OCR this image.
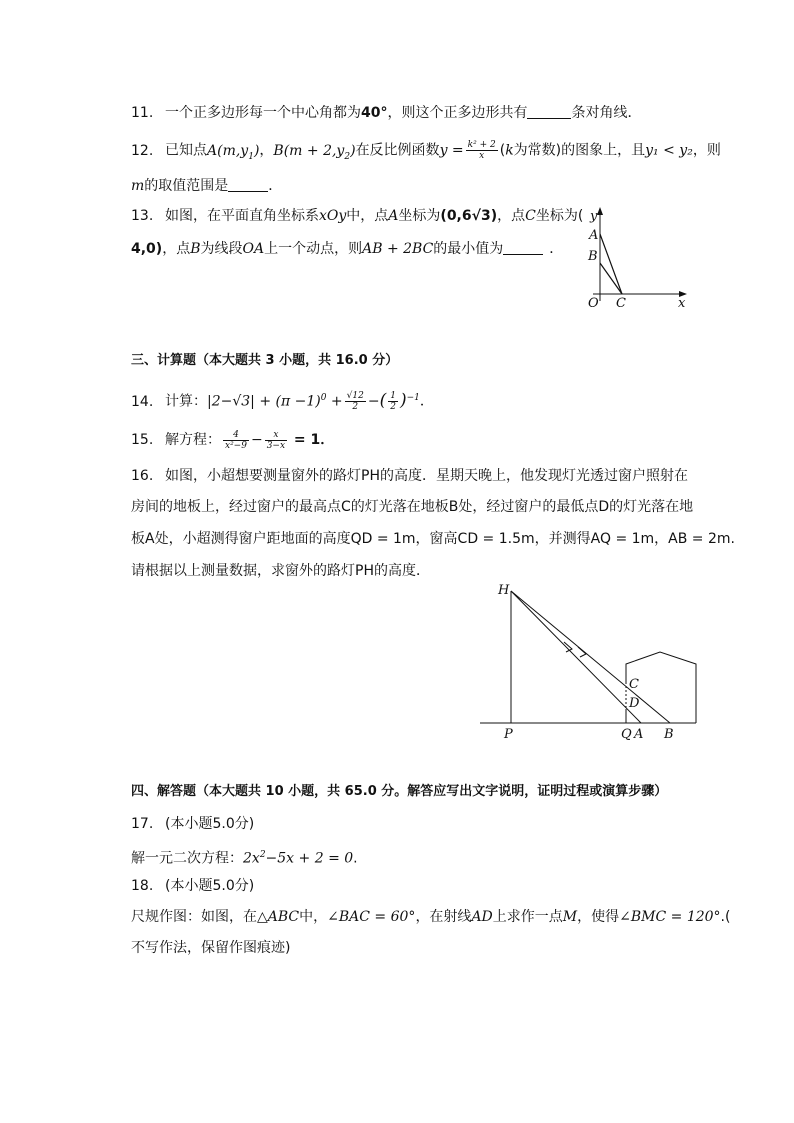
11. 一个正多边形每一个中心角都为40°，则这个正多边形共有	条对角线．
12. 已知点$A(m,y_1)$，$B(m + 2,y_2)$在反比例函数$y = \frac{\text{k² + 2}}{x} (k$为常数)的图象上，且y₁ < y₂，则
m的取值范围是	．
13. 如图，在平面直角坐标系xOy中，点A坐标为(0,6√3)，点C坐标为(
4,0)，点B为线段OA上一个动点，则AB + 2BC的最小值为	．
y
A
B
O C	x
三、计算题（本大题共 3 小题，共 16.0 分）
14. 计算：$|2-√3| + (\pi -1)^0 + \frac{√12}{2}$ −( $\frac{1}{2} )^{-1}$．
15. 解方程： $\frac{4}{\text{x²−9}} - \frac{x}{3-x} = 1$．
16. 如图，小超想要测量窗外的路灯PH的高度．星期天晚上，他发现灯光透过窗户照射在
房间的地板上，经过窗户的最高点C的灯光落在地板B处，经过窗户的最低点D的灯光落在地
板A处，小超测得窗户距地面的高度QD = 1m，窗高CD = 1.5m，并测得AQ = 1m，AB = 2m.
请根据以上测量数据，求窗外的路灯PH的高度．
H
C
D
P	Q A B
四、解答题（本大题共 10 小题，共 65.0 分。解答应写出文字说明，证明过程或演算步骤）
17. (本小题5.0分)
解一元二次方程：$2x^2-5x + 2 = 0$.
18. (本小题5.0分)
尺规作图：如图，在△ABC中，∠BAC = 60°，在射线AD上求作一点M，使得∠BMC = 120°.(
不写作法，保留作图痕迹)
